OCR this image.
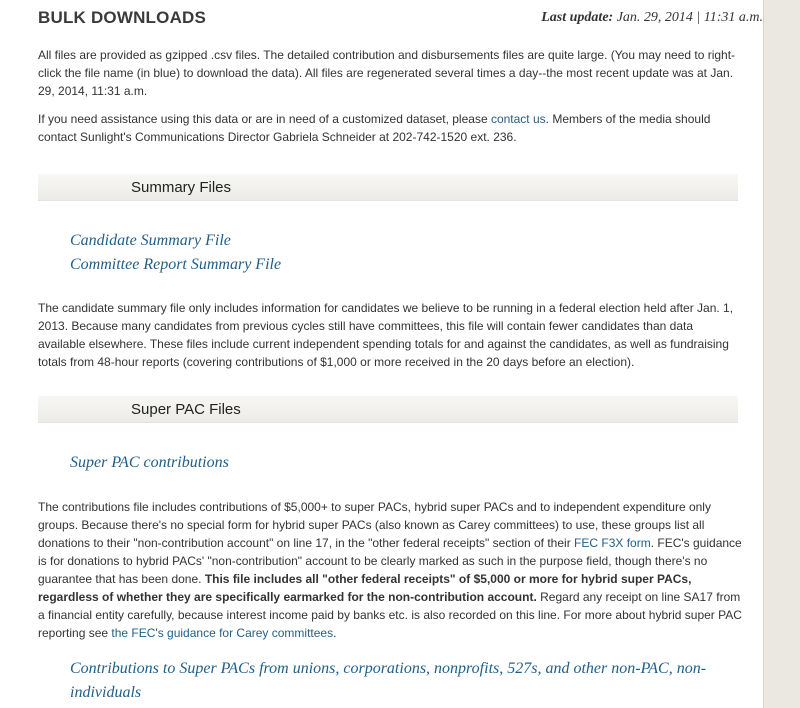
BULK DOWNLOADS	Last update: Jan. 29, 2014 | 11:31 a.m.

All files are provided as gzipped .csv files. The detailed contribution and disbursements files are quite large. (You may need to right-click the file name (in blue) to download the data). All files are regenerated several times a day--the most recent update was at Jan. 29, 2014, 11:31 a.m.

If you need assistance using this data or are in need of a customized dataset, please contact us. Members of the media should contact Sunlight's Communications Director Gabriela Schneider at 202-742-1520 ext. 236.

Summary Files
Candidate Summary File
Committee Report Summary File

The candidate summary file only includes information for candidates we believe to be running in a federal election held after Jan. 1, 2013. Because many candidates from previous cycles still have committees, this file will contain fewer candidates than data available elsewhere. These files include current independent spending totals for and against the candidates, as well as fundraising totals from 48-hour reports (covering contributions of $1,000 or more received in the 20 days before an election).

Super PAC Files
Super PAC contributions

The contributions file includes contributions of $5,000+ to super PACs, hybrid super PACs and to independent expenditure only groups. Because there's no special form for hybrid super PACs (also known as Carey committees) to use, these groups list all donations to their "non-contribution account" on line 17, in the "other federal receipts" section of their FEC F3X form. FEC's guidance is for donations to hybrid PACs' "non-contribution" account to be clearly marked as such in the purpose field, though there's no guarantee that has been done. This file includes all "other federal receipts" of $5,000 or more for hybrid super PACs, regardless of whether they are specifically earmarked for the non-contribution account. Regard any receipt on line SA17 from a financial entity carefully, because interest income paid by banks etc. is also recorded on this line. For more about hybrid super PAC reporting see the FEC's guidance for Carey committees.

Contributions to Super PACs from unions, corporations, nonprofits, 527s, and other non-PAC, non-individuals
